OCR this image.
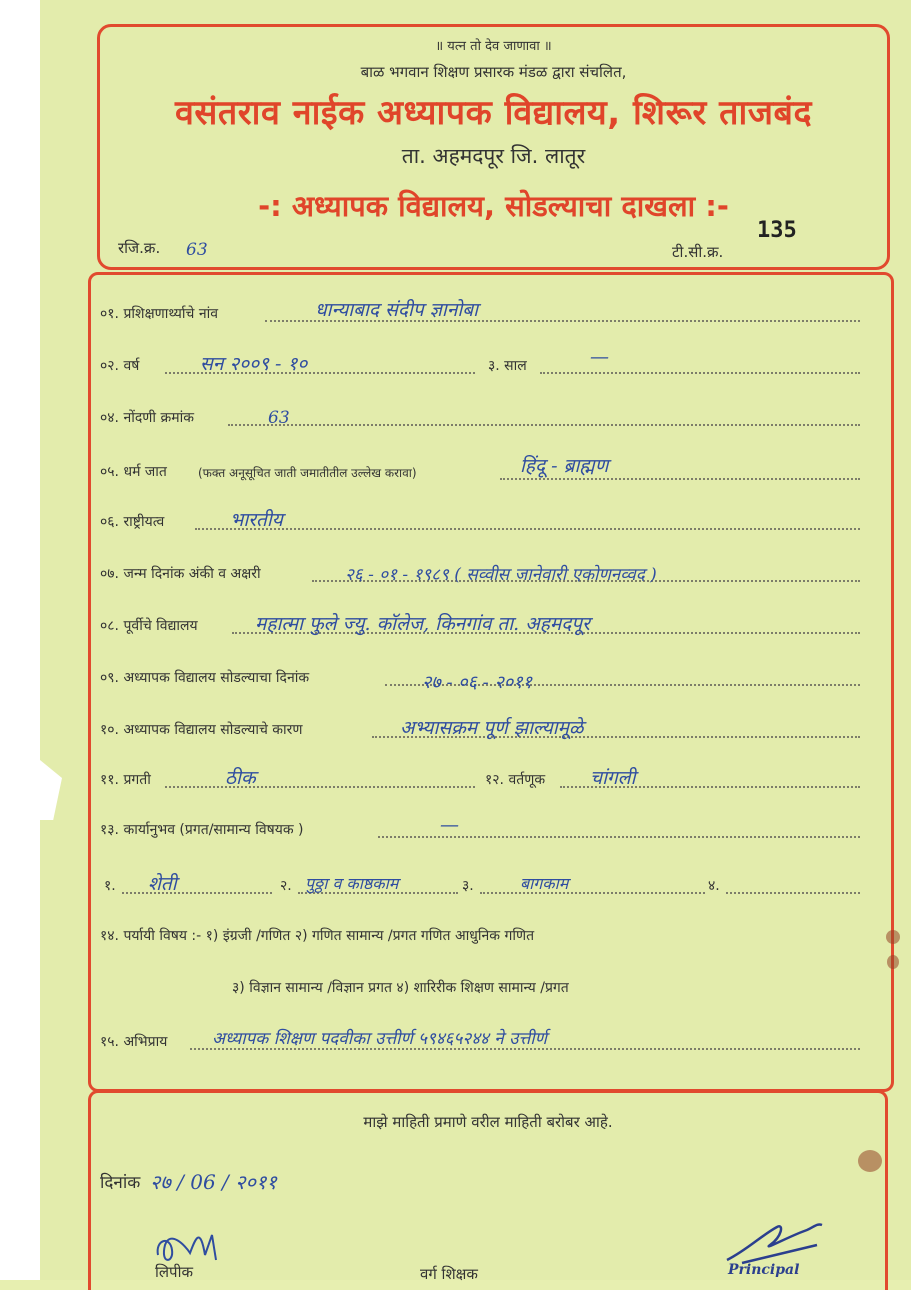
॥ यत्न तो देव जाणावा ॥
बाळ भगवान शिक्षण प्रसारक मंडळ द्वारा संचलित,
वसंतराव नाईक अध्यापक विद्यालय, शिरूर ताजबंद
ता. अहमदपूर जि. लातूर
-: अध्यापक विद्यालय, सोडल्याचा दाखला :-
रजि.क्र. 63	टी.सी.क्र.
135
०१. प्रशिक्षणार्थ्याचे नांव	धान्याबाद संदीप ज्ञानोबा
०२. वर्ष	सन २००९ - १०	३. साल	—
०४. नोंदणी क्रमांक	63
०५. धर्म जात	(फक्त अनूसूचित जाती जमातीतील उल्लेख करावा)	हिंदू - ब्राह्मण
०६. राष्ट्रीयत्व	भारतीय
०७. जन्म दिनांक अंकी व अक्षरी	२६ - ०१ - १९८९ ( सव्वीस जानेवारी एकोणनव्वद )
०८. पूर्वीचे विद्यालय	महात्मा फुले ज्यु. कॉलेज, किनगांव ता. अहमदपूर
०९. अध्यापक विद्यालय सोडल्याचा दिनांक	२७ - ०६ - २०११
१०. अध्यापक विद्यालय सोडल्याचे कारण	अभ्यासक्रम पूर्ण झाल्यामूळे
११. प्रगती	ठीक	१२. वर्तणूक चांगली
१३. कार्यानुभव (प्रगत/सामान्य विषयक )	—
१. शेती	२. पुठ्ठा व काष्ठकाम	३.	बागकाम	४.
१४. पर्यायी विषय :- १) इंग्रजी /गणित २) गणित सामान्य /प्रगत गणित आधुनिक गणित
३) विज्ञान सामान्य /विज्ञान प्रगत ४) शारिरीक शिक्षण सामान्य /प्रगत
१५. अभिप्राय	अध्यापक शिक्षण पदवीका उत्तीर्ण ५९४६५२४४ ने उत्तीर्ण
माझे माहिती प्रमाणे वरील माहिती बरोबर आहे.
दिनांक २७ / 06 / २०११
लिपीक	वर्ग शिक्षक	Principal
